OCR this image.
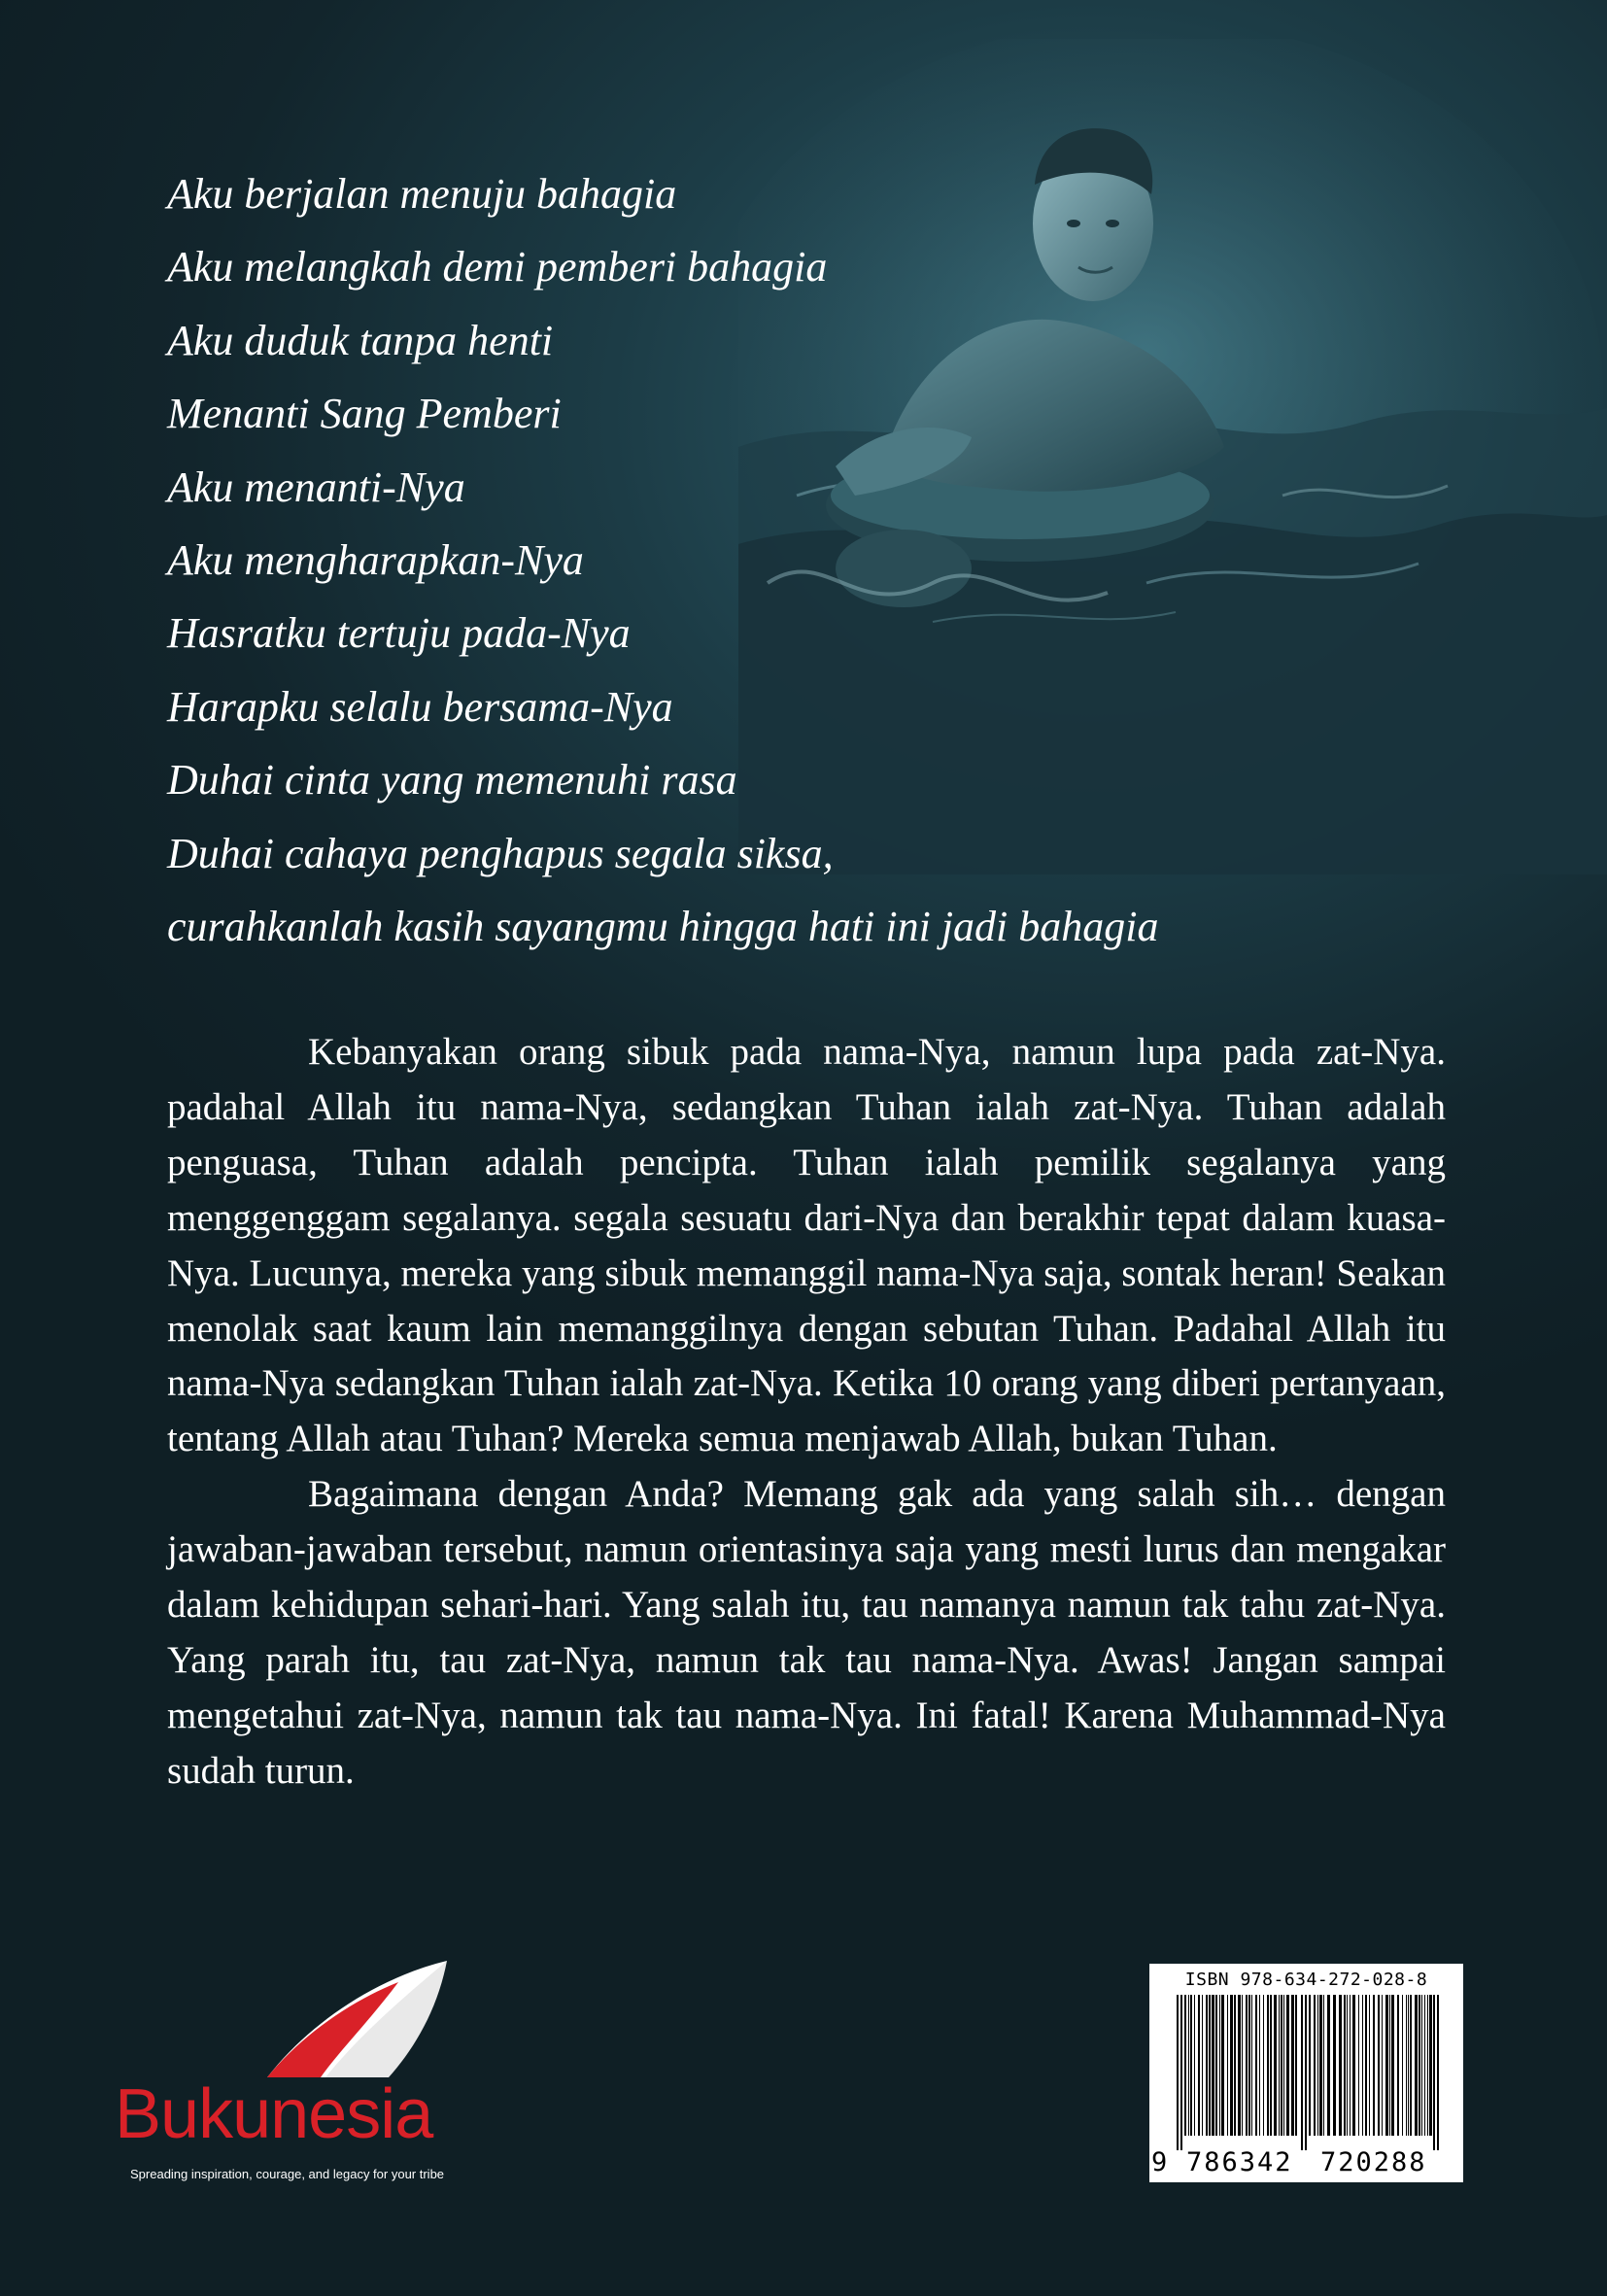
Aku berjalan menuju bahagia
Aku melangkah demi pemberi bahagia
Aku duduk tanpa henti
Menanti Sang Pemberi
Aku menanti-Nya
Aku mengharapkan-Nya
Hasratku tertuju pada-Nya
Harapku selalu bersama-Nya
Duhai cinta yang memenuhi rasa
Duhai cahaya penghapus segala siksa,
curahkanlah kasih sayangmu hingga hati ini jadi bahagia

Kebanyakan orang sibuk pada nama-Nya, namun lupa pada zat-Nya. padahal Allah itu nama-Nya, sedangkan Tuhan ialah zat-Nya. Tuhan adalah penguasa, Tuhan adalah pencipta. Tuhan ialah pemilik segalanya yang menggenggam segalanya. segala sesuatu dari-Nya dan berakhir tepat dalam kuasa-Nya. Lucunya, mereka yang sibuk memanggil nama-Nya saja, sontak heran! Seakan menolak saat kaum lain memanggilnya dengan sebutan Tuhan. Padahal Allah itu nama-Nya sedangkan Tuhan ialah zat-Nya. Ketika 10 orang yang diberi pertanyaan, tentang Allah atau Tuhan? Mereka semua menjawab Allah, bukan Tuhan.

Bagaimana dengan Anda? Memang gak ada yang salah sih… dengan jawaban-jawaban tersebut, namun orientasinya saja yang mesti lurus dan mengakar dalam kehidupan sehari-hari. Yang salah itu, tau namanya namun tak tahu zat-Nya. Yang parah itu, tau zat-Nya, namun tak tau nama-Nya. Awas! Jangan sampai mengetahui zat-Nya, namun tak tau nama-Nya. Ini fatal! Karena Muhammad-Nya sudah turun.

Bukunesia
Spreading inspiration, courage, and legacy for your tribe
ISBN 978-634-272-028-8
9 786342 720288
